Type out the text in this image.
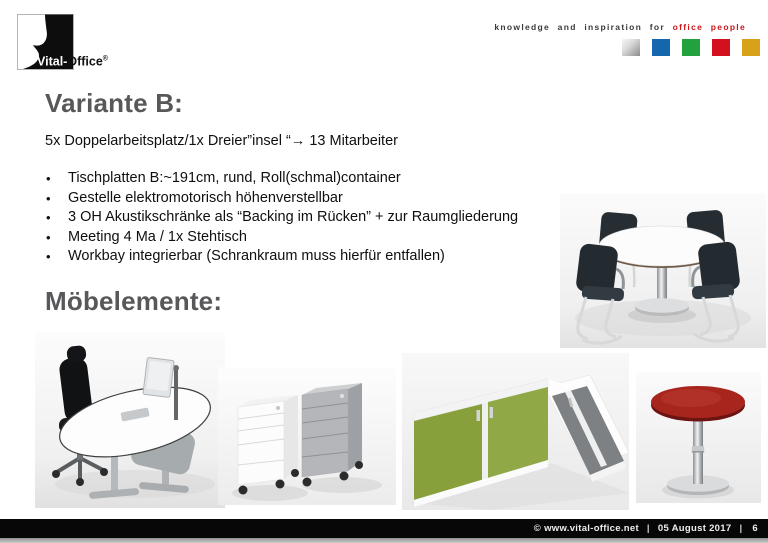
Vital-Office®
knowledge and inspiration for office people
Variante B:
5x Doppelarbeitsplatz/1x Dreier”insel “→ 13 Mitarbeiter
• Tischplatten B:~191cm, rund, Roll(schmal)container
• Gestelle elektromotorisch höhenverstellbar
• 3 OH Akustikschränke als “Backing im Rücken” + zur Raumgliederung
• Meeting 4 Ma / 1x Stehtisch
• Workbay integrierbar (Schrankraum muss hierfür entfallen)
Möbelemente:
©
www.vital-office.net | 05 August 2017 | 6
